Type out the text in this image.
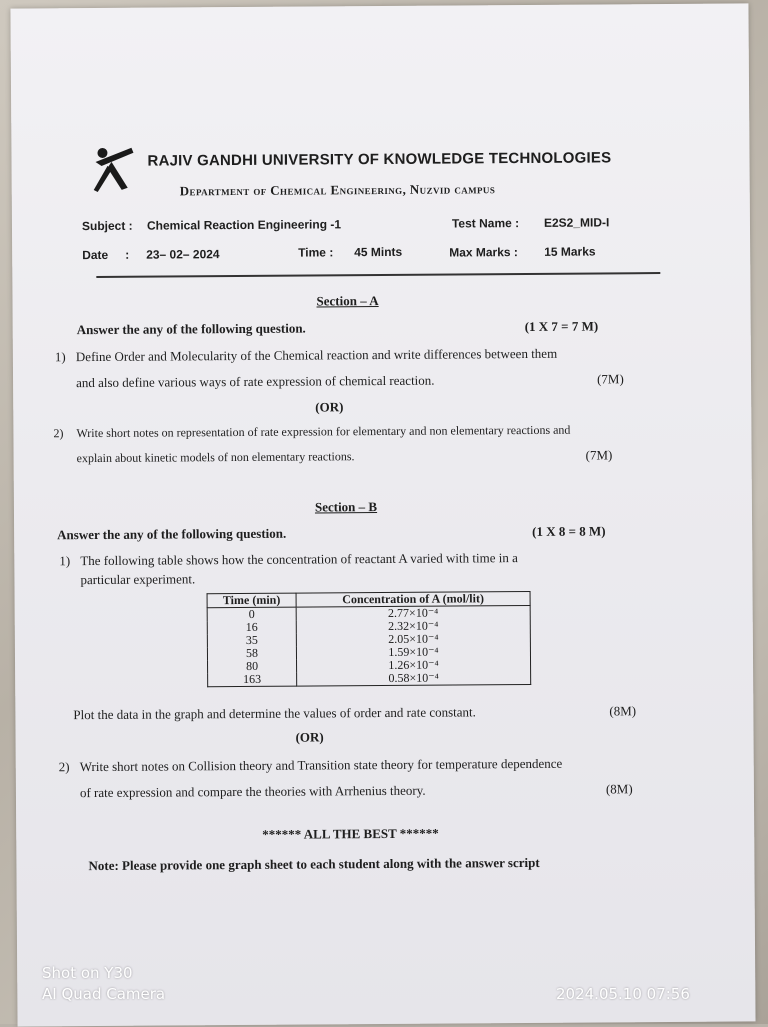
RAJIV GANDHI UNIVERSITY OF KNOWLEDGE TECHNOLOGIES
Department of Chemical Engineering, Nuzvid campus
Subject : Chemical Reaction Engineering -1	Test Name : E2S2_MID-I
Date : 23– 02– 2024	Time : 45 Mints	Max Marks : 15 Marks
Section – A
Answer the any of the following question.	(1 X 7 = 7 M)
1) Define Order and Molecularity of the Chemical reaction and write differences between them
and also define various ways of rate expression of chemical reaction.	(7M)
(OR)
2) Write short notes on representation of rate expression for elementary and non elementary reactions and
explain about kinetic models of non elementary reactions.	(7M)
Section – B
Answer the any of the following question.	(1 X 8 = 8 M)
1) The following table shows how the concentration of reactant A varied with time in a
particular experiment.
Time (min)	Concentration of A (mol/lit)
0	2.77×10⁻⁴
16	2.32×10⁻⁴
35	2.05×10⁻⁴
58	1.59×10⁻⁴
80	1.26×10⁻⁴
163	0.58×10⁻⁴
Plot the data in the graph and determine the values of order and rate constant.	(8M)
(OR)
2) Write short notes on Collision theory and Transition state theory for temperature dependence
of rate expression and compare the theories with Arrhenius theory.	(8M)
****** ALL THE BEST ******
Note: Please provide one graph sheet to each student along with the answer script
Shot on Y30
AI Quad Camera	2024.05.10 07:56
